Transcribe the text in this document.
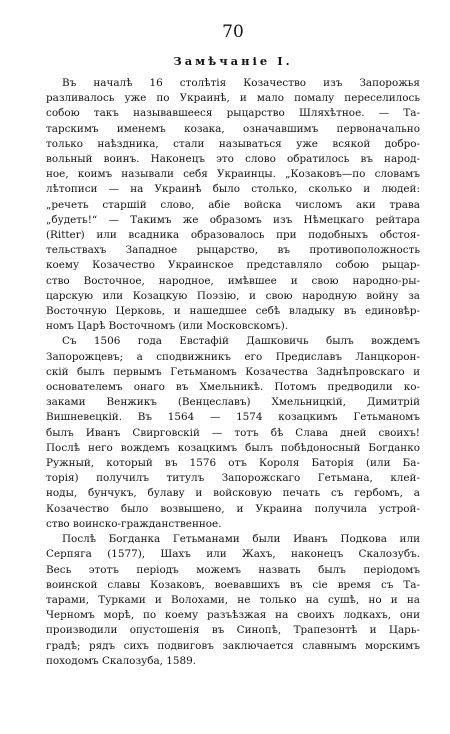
70
Замѣчаніе I.

Въ началѣ 16 столѣтія Козачество изъ Запорожья
разливалось уже по Украинѣ, и мало помалу переселилось
собою такъ называвшееся рыцарство Шляхѣтное. — Та-
тарскимъ именемъ козака, означавшимъ первоначально
только наѣздника, стали называться уже всякой добро-
вольный воинъ. Наконецъ это слово обратилось въ народ-
ное, коимъ называли себя Украинцы. „Козаковъ—по словамъ
лѣтописи — на Украинѣ было столько, сколько и людей:
„речеть старшій слово, абіе войска числомъ аки трава
„будеть!“ — Такимъ же образомъ изъ Нѣмецкаго рейтара
(Ritter) или всадника образовалось при подобныхъ обстоя-
тельствахъ Западное рыцарство, въ противоположность
коему Козачество Украинское представляло собою рыцар-
ство Восточное, народное, имѣвшее и свою народно-ры-
царскую или Козацкую Поэзію, и свою народную войну за
Восточную Церковь, и нашедшее себѣ владыку въ единовѣр-
номъ Царѣ Восточномъ (или Московскомъ).

Съ 1506 года Евстафій Дашковичь былъ вождемъ
Запорожцевъ; а сподвижникъ его Предиславъ Ланцкорон-
скій былъ первымъ Гетьманомъ Козачества Заднѣпровскаго и
основателемъ онаго въ Хмельникѣ. Потомъ предводили ко-
заками Венжикъ (Венцеславъ) Хмельницкій, Димитрій
Вишневецкій. Въ 1564 — 1574 козацкимъ Гетьманомъ
былъ Иванъ Свирговскій — тотъ бѣ Слава дней своихъ!
Послѣ него вождемъ козацкимъ былъ побѣдоносный Богданко
Ружный, который въ 1576 отъ Короля Баторія (или Ба-
торія) получилъ титулъ Запорожскаго Гетьмана, клей-
ноды, бунчукъ, булаву и войсковую печать съ гербомъ, а
Козачество было возвышено, и Украина получила устрой-
ство воинско-гражданственное.

Послѣ Богданка Гетьманами были Иванъ Подкова или
Серпяга (1577), Шахъ или Жахъ, наконецъ Скалозубъ.
Весь этотъ періодъ можемъ назвать былъ періодомъ
воинской славы Козаковъ, воевавшихъ въ сіе время съ Та-
тарами, Турками и Волохами, не только на сушѣ, но и на
Черномъ морѣ, по коему разъѣзжая на своихъ лодкахъ, они
производили опустошенія въ Синопѣ, Трапезонтѣ и Царь-
градѣ; рядъ сихъ подвиговъ заключается славнымъ морскимъ
походомъ Скалозуба, 1589.
